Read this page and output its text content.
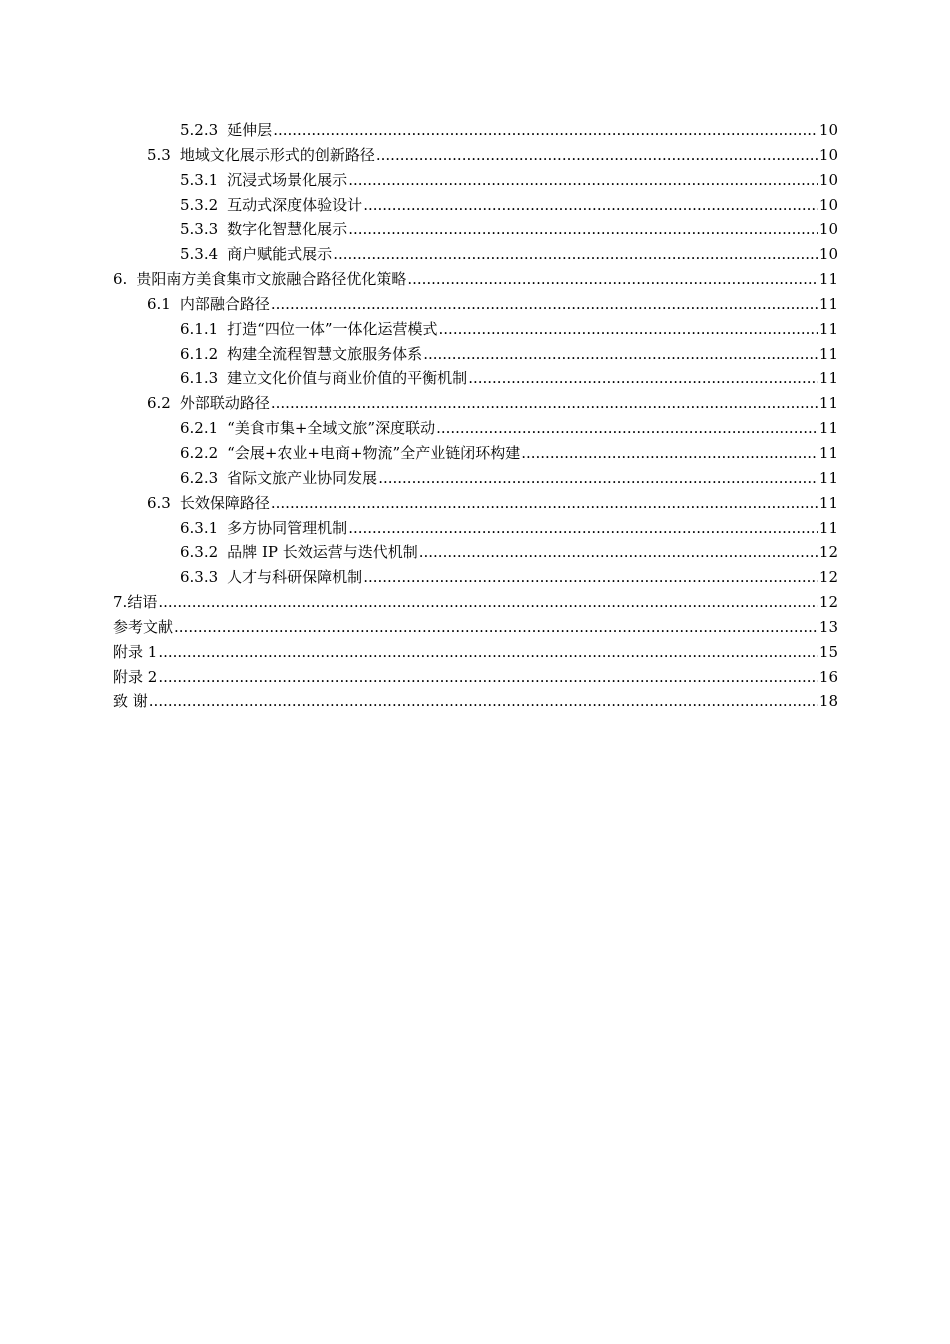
5.2.3 延伸层 .....	10
5.3 地域文化展示形式的创新路径 .....	10
5.3.1 沉浸式场景化展示 .....	10
5.3.2 互动式深度体验设计 .....	10
5.3.3 数字化智慧化展示 .....	10
5.3.4 商户赋能式展示 .....	10
6. 贵阳南方美食集市文旅融合路径优化策略 .....	11
6.1 内部融合路径 .....	11
6.1.1 打造“四位一体”一体化运营模式 .....	11
6.1.2 构建全流程智慧文旅服务体系 .....	11
6.1.3 建立文化价值与商业价值的平衡机制 .....	11
6.2 外部联动路径 .....	11
6.2.1 “美食市集+全域文旅”深度联动 .....	11
6.2.2 “会展+农业+电商+物流”全产业链闭环构建 .....	11
6.2.3 省际文旅产业协同发展 .....	11
6.3 长效保障路径 .....	11
6.3.1 多方协同管理机制 .....	11
6.3.2 品牌 IP 长效运营与迭代机制 .....	12
6.3.3 人才与科研保障机制 .....	12
7. 结语 .....	12
参考文献 .....	13
附录 1 .....	15
附录 2 .....	16
致 谢 .....	18
